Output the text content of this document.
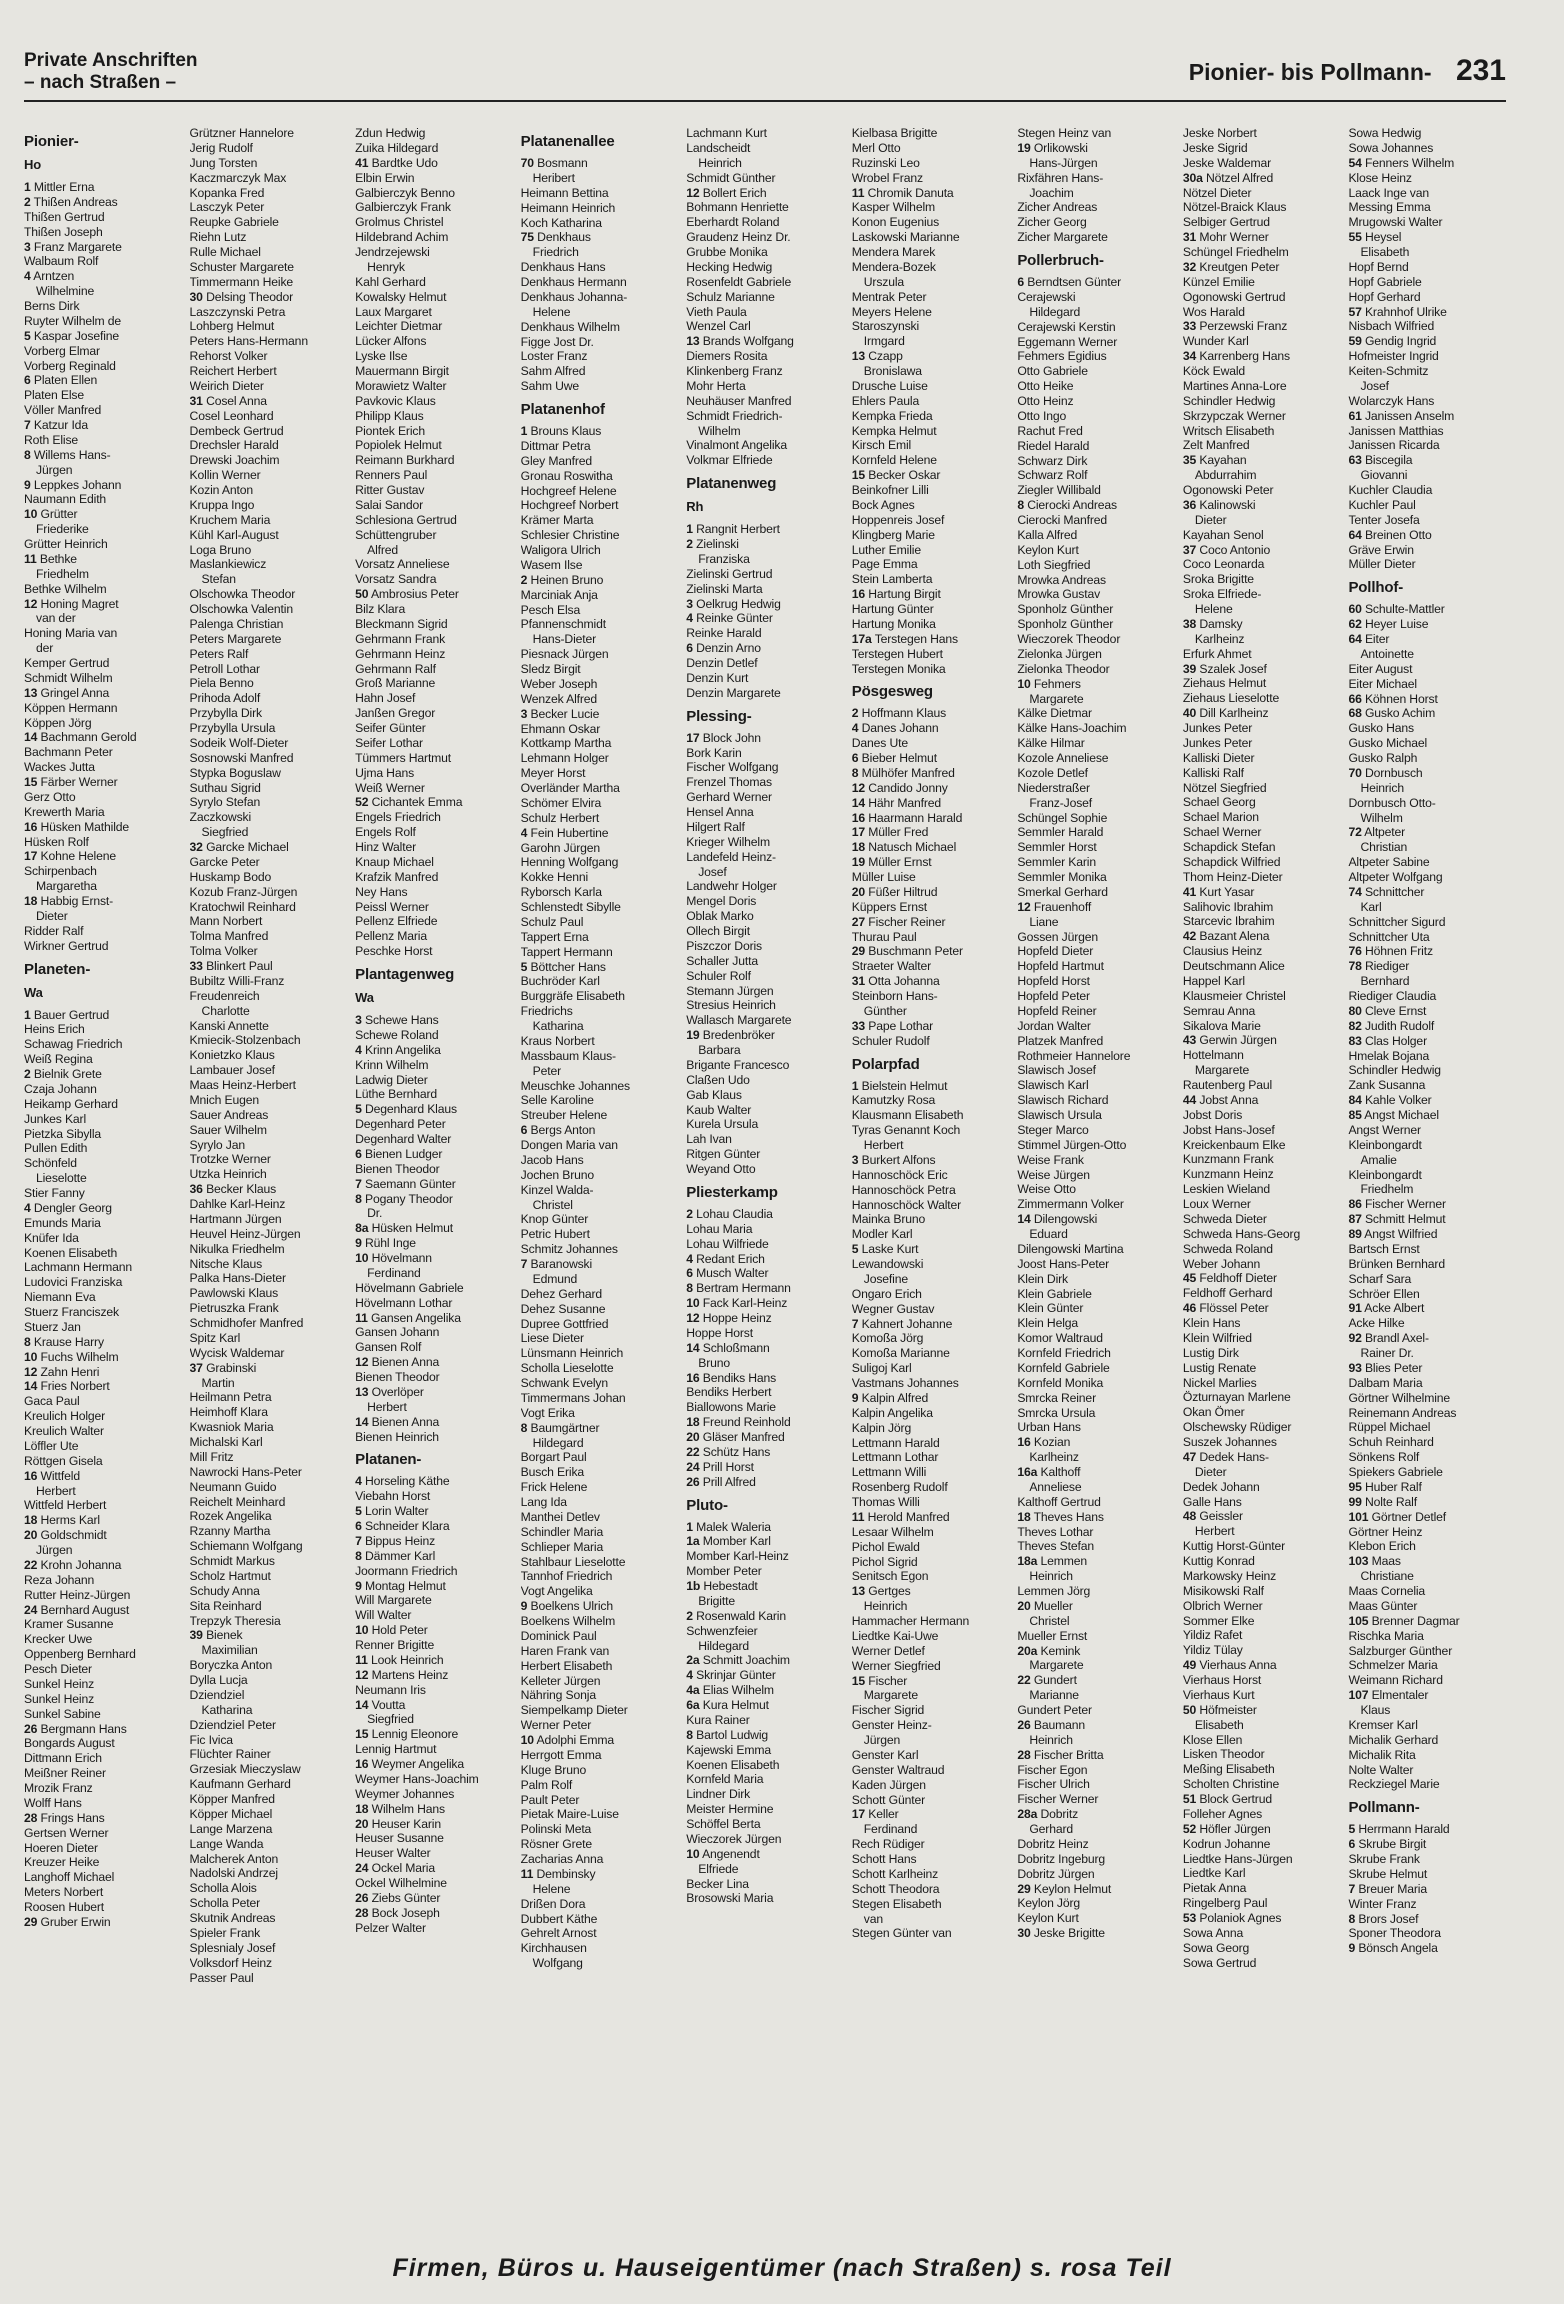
Private Anschriften
– nach Straßen –	Pionier- bis Pollmann- 231
Pionier-
Ho
1 Mittler Erna
2 Thißen Andreas
Thißen Gertrud
Thißen Joseph
3 Franz Margarete
Walbaum Rolf
4 Arntzen
Wilhelmine
Berns Dirk
Ruyter Wilhelm de
5 Kaspar Josefine
Vorberg Elmar
Vorberg Reginald
6 Platen Ellen
Platen Else
Völler Manfred
7 Katzur Ida
Roth Elise
8 Willems Hans-
Jürgen
9 Leppkes Johann
Naumann Edith
10 Grütter
Friederike
Grütter Heinrich
11 Bethke
Friedhelm
Bethke Wilhelm
12 Honing Magret
van der
Honing Maria van
der
Kemper Gertrud
Schmidt Wilhelm
13 Gringel Anna
Köppen Hermann
Köppen Jörg
14 Bachmann Gerold
Bachmann Peter
Wackes Jutta
15 Färber Werner
Gerz Otto
Krewerth Maria
16 Hüsken Mathilde
Hüsken Rolf
17 Kohne Helene
Schirpenbach
Margaretha
18 Habbig Ernst-
Dieter
Ridder Ralf
Wirkner Gertrud
Planeten-
Wa
1 Bauer Gertrud
Heins Erich
Schawag Friedrich
Weiß Regina
2 Bielnik Grete
Czaja Johann
Heikamp Gerhard
Junkes Karl
Pietzka Sibylla
Pullen Edith
Schönfeld
Lieselotte
Stier Fanny
4 Dengler Georg
Emunds Maria
Knüfer Ida
Koenen Elisabeth
Lachmann Hermann
Ludovici Franziska
Niemann Eva
Stuerz Franciszek
Stuerz Jan
8 Krause Harry
10 Fuchs Wilhelm
12 Zahn Henri
14 Fries Norbert
Gaca Paul
Kreulich Holger
Kreulich Walter
Löffler Ute
Röttgen Gisela
16 Wittfeld
Herbert
Wittfeld Herbert
18 Herms Karl
20 Goldschmidt
Jürgen
22 Krohn Johanna
Reza Johann
Rutter Heinz-Jürgen
24 Bernhard August
Kramer Susanne
Krecker Uwe
Oppenberg Bernhard
Pesch Dieter
Sunkel Heinz
Sunkel Heinz
Sunkel Sabine
26 Bergmann Hans
Bongards August
Dittmann Erich
Meißner Reiner
Mrozik Franz
Wolff Hans
28 Frings Hans
Gertsen Werner
Hoeren Dieter
Kreuzer Heike
Langhoff Michael
Meters Norbert
Roosen Hubert
29 Gruber Erwin
Grützner Hannelore
Jerig Rudolf
Jung Torsten
Kaczmarczyk Max
Kopanka Fred
Lasczyk Peter
Reupke Gabriele
Riehn Lutz
Rulle Michael
Schuster Margarete
Timmermann Heike
30 Delsing Theodor
Laszczynski Petra
Lohberg Helmut
Peters Hans-Hermann
Rehorst Volker
Reichert Herbert
Weirich Dieter
31 Cosel Anna
Cosel Leonhard
Dembeck Gertrud
Drechsler Harald
Drewski Joachim
Kollin Werner
Kozin Anton
Kruppa Ingo
Kruchem Maria
Kühl Karl-August
Loga Bruno
Maslankiewicz
Stefan
Olschowka Theodor
Olschowka Valentin
Palenga Christian
Peters Margarete
Peters Ralf
Petroll Lothar
Piela Benno
Prihoda Adolf
Przybylla Dirk
Przybylla Ursula
Sodeik Wolf-Dieter
Sosnowski Manfred
Stypka Boguslaw
Suthau Sigrid
Syrylo Stefan
Zaczkowski
Siegfried
32 Garcke Michael
Garcke Peter
Huskamp Bodo
Kozub Franz-Jürgen
Kratochwil Reinhard
Mann Norbert
Tolma Manfred
Tolma Volker
33 Blinkert Paul
Bubiltz Willi-Franz
Freudenreich
Charlotte
Kanski Annette
Kmiecik-Stolzenbach
Konietzko Klaus
Lambauer Josef
Maas Heinz-Herbert
Mnich Eugen
Sauer Andreas
Sauer Wilhelm
Syrylo Jan
Trotzke Werner
Utzka Heinrich
36 Becker Klaus
Dahlke Karl-Heinz
Hartmann Jürgen
Heuvel Heinz-Jürgen
Nikulka Friedhelm
Nitsche Klaus
Palka Hans-Dieter
Pawlowski Klaus
Pietruszka Frank
Schmidhofer Manfred
Spitz Karl
Wycisk Waldemar
37 Grabinski
Martin
Heilmann Petra
Heimhoff Klara
Kwasniok Maria
Michalski Karl
Mill Fritz
Nawrocki Hans-Peter
Neumann Guido
Reichelt Meinhard
Rozek Angelika
Rzanny Martha
Schiemann Wolfgang
Schmidt Markus
Scholz Hartmut
Schudy Anna
Sita Reinhard
Trepzyk Theresia
39 Bienek
Maximilian
Boryczka Anton
Dylla Lucja
Dziendziel
Katharina
Dziendziel Peter
Fic Ivica
Flüchter Rainer
Grzesiak Mieczyslaw
Kaufmann Gerhard
Köpper Manfred
Köpper Michael
Lange Marzena
Lange Wanda
Malcherek Anton
Nadolski Andrzej
Scholla Alois
Scholla Peter
Skutnik Andreas
Spieler Frank
Splesnialy Josef
Volksdorf Heinz
Passer Paul
Zdun Hedwig
Zuika Hildegard
41 Bardtke Udo
Elbin Erwin
Galbierczyk Benno
Galbierczyk Frank
Grolmus Christel
Hildebrand Achim
Jendrzejewski
Henryk
Kahl Gerhard
Kowalsky Helmut
Laux Margaret
Leichter Dietmar
Lücker Alfons
Lyske Ilse
Mauermann Birgit
Morawietz Walter
Pavkovic Klaus
Philipp Klaus
Piontek Erich
Popiolek Helmut
Reimann Burkhard
Renners Paul
Ritter Gustav
Salai Sandor
Schlesiona Gertrud
Schüttengruber
Alfred
Vorsatz Anneliese
Vorsatz Sandra
50 Ambrosius Peter
Bilz Klara
Bleckmann Sigrid
Gehrmann Frank
Gehrmann Heinz
Gehrmann Ralf
Groß Marianne
Hahn Josef
Janßen Gregor
Seifer Günter
Seifer Lothar
Tümmers Hartmut
Ujma Hans
Weiß Werner
52 Cichantek Emma
Engels Friedrich
Engels Rolf
Hinz Walter
Knaup Michael
Krafzik Manfred
Ney Hans
Peissl Werner
Pellenz Elfriede
Pellenz Maria
Peschke Horst
Plantagenweg
Wa
3 Schewe Hans
Schewe Roland
4 Krinn Angelika
Krinn Wilhelm
Ladwig Dieter
Lüthe Bernhard
5 Degenhard Klaus
Degenhard Peter
Degenhard Walter
6 Bienen Ludger
Bienen Theodor
7 Saemann Günter
8 Pogany Theodor
Dr.
8a Hüsken Helmut
9 Rühl Inge
10 Hövelmann
Ferdinand
Hövelmann Gabriele
Hövelmann Lothar
11 Gansen Angelika
Gansen Johann
Gansen Rolf
12 Bienen Anna
Bienen Theodor
13 Overlöper
Herbert
14 Bienen Anna
Bienen Heinrich
Platanen-
4 Horseling Käthe
Viebahn Horst
5 Lorin Walter
6 Schneider Klara
7 Bippus Heinz
8 Dämmer Karl
Joormann Friedrich
9 Montag Helmut
Will Margarete
Will Walter
10 Hold Peter
Renner Brigitte
11 Look Heinrich
12 Martens Heinz
Neumann Iris
14 Voutta
Siegfried
15 Lennig Eleonore
Lennig Hartmut
16 Weymer Angelika
Weymer Hans-Joachim
Weymer Johannes
18 Wilhelm Hans
20 Heuser Karin
Heuser Susanne
Heuser Walter
24 Ockel Maria
Ockel Wilhelmine
26 Ziebs Günter
28 Bock Joseph
Pelzer Walter
Platanenallee
70 Bosmann
Heribert
Heimann Bettina
Heimann Heinrich
Koch Katharina
75 Denkhaus
Friedrich
Denkhaus Hans
Denkhaus Hermann
Denkhaus Johanna-
Helene
Denkhaus Wilhelm
Figge Jost Dr.
Loster Franz
Sahm Alfred
Sahm Uwe
Platanenhof
1 Brouns Klaus
Dittmar Petra
Gley Manfred
Gronau Roswitha
Hochgreef Helene
Hochgreef Norbert
Krämer Marta
Schlesier Christine
Waligora Ulrich
Wasem Ilse
2 Heinen Bruno
Marciniak Anja
Pesch Elsa
Pfannenschmidt
Hans-Dieter
Piesnack Jürgen
Sledz Birgit
Weber Joseph
Wenzek Alfred
3 Becker Lucie
Ehmann Oskar
Kottkamp Martha
Lehmann Holger
Meyer Horst
Overländer Martha
Schömer Elvira
Schulz Herbert
4 Fein Hubertine
Garohn Jürgen
Henning Wolfgang
Kokke Henni
Ryborsch Karla
Schlenstedt Sibylle
Schulz Paul
Tappert Erna
Tappert Hermann
5 Böttcher Hans
Buchröder Karl
Burggräfe Elisabeth
Friedrichs
Katharina
Kraus Norbert
Massbaum Klaus-
Peter
Meuschke Johannes
Selle Karoline
Streuber Helene
6 Bergs Anton
Dongen Maria van
Jacob Hans
Jochen Bruno
Kinzel Walda-
Christel
Knop Günter
Petric Hubert
Schmitz Johannes
7 Baranowski
Edmund
Dehez Gerhard
Dehez Susanne
Dupree Gottfried
Liese Dieter
Lünsmann Heinrich
Scholla Lieselotte
Schwank Evelyn
Timmermans Johan
Vogt Erika
8 Baumgärtner
Hildegard
Borgart Paul
Busch Erika
Frick Helene
Lang Ida
Manthei Detlev
Schindler Maria
Schlieper Maria
Stahlbaur Lieselotte
Tannhof Friedrich
Vogt Angelika
9 Boelkens Ulrich
Boelkens Wilhelm
Dominick Paul
Haren Frank van
Herbert Elisabeth
Kelleter Jürgen
Nähring Sonja
Siempelkamp Dieter
Werner Peter
10 Adolphi Emma
Herrgott Emma
Kluge Bruno
Palm Rolf
Pault Peter
Pietak Maire-Luise
Polinski Meta
Rösner Grete
Zacharias Anna
11 Dembinsky
Helene
Drißen Dora
Dubbert Käthe
Gehrelt Arnost
Kirchhausen
Wolfgang
Lachmann Kurt
Landscheidt
Heinrich
Schmidt Günther
12 Bollert Erich
Bohmann Henriette
Eberhardt Roland
Graudenz Heinz Dr.
Grubbe Monika
Hecking Hedwig
Rosenfeldt Gabriele
Schulz Marianne
Vieth Paula
Wenzel Carl
13 Brands Wolfgang
Diemers Rosita
Klinkenberg Franz
Mohr Herta
Neuhäuser Manfred
Schmidt Friedrich-
Wilhelm
Vinalmont Angelika
Volkmar Elfriede
Platanenweg
Rh
1 Rangnit Herbert
2 Zielinski
Franziska
Zielinski Gertrud
Zielinski Marta
3 Oelkrug Hedwig
4 Reinke Günter
Reinke Harald
6 Denzin Arno
Denzin Detlef
Denzin Kurt
Denzin Margarete
Plessing-
17 Block John
Bork Karin
Fischer Wolfgang
Frenzel Thomas
Gerhard Werner
Hensel Anna
Hilgert Ralf
Krieger Wilhelm
Landefeld Heinz-
Josef
Landwehr Holger
Mengel Doris
Oblak Marko
Ollech Birgit
Piszczor Doris
Schaller Jutta
Schuler Rolf
Stemann Jürgen
Stresius Heinrich
Wallasch Margarete
19 Bredenbröker
Barbara
Brigante Francesco
Claßen Udo
Gab Klaus
Kaub Walter
Kurela Ursula
Lah Ivan
Ritgen Günter
Weyand Otto
Pliesterkamp
2 Lohau Claudia
Lohau Maria
Lohau Wilfriede
4 Redant Erich
6 Musch Walter
8 Bertram Hermann
10 Fack Karl-Heinz
12 Hoppe Heinz
Hoppe Horst
14 Schloßmann
Bruno
16 Bendiks Hans
Bendiks Herbert
Biallowons Marie
18 Freund Reinhold
20 Gläser Manfred
22 Schütz Hans
24 Prill Horst
26 Prill Alfred
Pluto-
1 Malek Waleria
1a Momber Karl
Momber Karl-Heinz
Momber Peter
1b Hebestadt
Brigitte
2 Rosenwald Karin
Schwenzfeier
Hildegard
2a Schmitt Joachim
4 Skrinjar Günter
4a Elias Wilhelm
6a Kura Helmut
Kura Rainer
8 Bartol Ludwig
Kajewski Emma
Koenen Elisabeth
Kornfeld Maria
Lindner Dirk
Meister Hermine
Schöffel Berta
Wieczorek Jürgen
10 Angenendt
Elfriede
Becker Lina
Brosowski Maria
Kielbasa Brigitte
Merl Otto
Ruzinski Leo
Wrobel Franz
11 Chromik Danuta
Kasper Wilhelm
Konon Eugenius
Laskowski Marianne
Mendera Marek
Mendera-Bozek
Urszula
Mentrak Peter
Meyers Helene
Staroszynski
Irmgard
13 Czapp
Bronislawa
Drusche Luise
Ehlers Paula
Kempka Frieda
Kempka Helmut
Kirsch Emil
Kornfeld Helene
15 Becker Oskar
Beinkofner Lilli
Bock Agnes
Hoppenreis Josef
Klingberg Marie
Luther Emilie
Page Emma
Stein Lamberta
16 Hartung Birgit
Hartung Günter
Hartung Monika
17a Terstegen Hans
Terstegen Hubert
Terstegen Monika
Pösgesweg
2 Hoffmann Klaus
4 Danes Johann
Danes Ute
6 Bieber Helmut
8 Mülhöfer Manfred
12 Candido Jonny
14 Hähr Manfred
16 Haarmann Harald
17 Müller Fred
18 Natusch Michael
19 Müller Ernst
Müller Luise
20 Füßer Hiltrud
Küppers Ernst
27 Fischer Reiner
Thurau Paul
29 Buschmann Peter
Straeter Walter
31 Otta Johanna
Steinborn Hans-
Günther
33 Pape Lothar
Schuler Rudolf
Polarpfad
1 Bielstein Helmut
Kamutzky Rosa
Klausmann Elisabeth
Tyras Genannt Koch
Herbert
3 Burkert Alfons
Hannoschöck Eric
Hannoschöck Petra
Hannoschöck Walter
Mainka Bruno
Modler Karl
5 Laske Kurt
Lewandowski
Josefine
Ongaro Erich
Wegner Gustav
7 Kahnert Johanne
Komoßa Jörg
Komoßa Marianne
Suligoj Karl
Vastmans Johannes
9 Kalpin Alfred
Kalpin Angelika
Kalpin Jörg
Lettmann Harald
Lettmann Lothar
Lettmann Willi
Rosenberg Rudolf
Thomas Willi
11 Herold Manfred
Lesaar Wilhelm
Pichol Ewald
Pichol Sigrid
Senitsch Egon
13 Gertges
Heinrich
Hammacher Hermann
Liedtke Kai-Uwe
Werner Detlef
Werner Siegfried
15 Fischer
Margarete
Fischer Sigrid
Genster Heinz-
Jürgen
Genster Karl
Genster Waltraud
Kaden Jürgen
Schott Günter
17 Keller
Ferdinand
Rech Rüdiger
Schott Hans
Schott Karlheinz
Schott Theodora
Stegen Elisabeth
van
Stegen Günter van
Stegen Heinz van
19 Orlikowski
Hans-Jürgen
Rixfähren Hans-
Joachim
Zicher Andreas
Zicher Georg
Zicher Margarete
Pollerbruch-
6 Berndtsen Günter
Cerajewski
Hildegard
Cerajewski Kerstin
Eggemann Werner
Fehmers Egidius
Otto Gabriele
Otto Heike
Otto Heinz
Otto Ingo
Rachut Fred
Riedel Harald
Schwarz Dirk
Schwarz Rolf
Ziegler Willibald
8 Cierocki Andreas
Cierocki Manfred
Kalla Alfred
Keylon Kurt
Loth Siegfried
Mrowka Andreas
Mrowka Gustav
Sponholz Günther
Sponholz Günther
Wieczorek Theodor
Zielonka Jürgen
Zielonka Theodor
10 Fehmers
Margarete
Kälke Dietmar
Kälke Hans-Joachim
Kälke Hilmar
Kozole Anneliese
Kozole Detlef
Niederstraßer
Franz-Josef
Schüngel Sophie
Semmler Harald
Semmler Horst
Semmler Karin
Semmler Monika
Smerkal Gerhard
12 Frauenhoff
Liane
Gossen Jürgen
Hopfeld Dieter
Hopfeld Hartmut
Hopfeld Horst
Hopfeld Peter
Hopfeld Reiner
Jordan Walter
Platzek Manfred
Rothmeier Hannelore
Slawisch Josef
Slawisch Karl
Slawisch Richard
Slawisch Ursula
Steger Marco
Stimmel Jürgen-Otto
Weise Frank
Weise Jürgen
Weise Otto
Zimmermann Volker
14 Dilengowski
Eduard
Dilengowski Martina
Joost Hans-Peter
Klein Dirk
Klein Gabriele
Klein Günter
Klein Helga
Komor Waltraud
Kornfeld Friedrich
Kornfeld Gabriele
Kornfeld Monika
Smrcka Reiner
Smrcka Ursula
Urban Hans
16 Kozian
Karlheinz
16a Kalthoff
Anneliese
Kalthoff Gertrud
18 Theves Hans
Theves Lothar
Theves Stefan
18a Lemmen
Heinrich
Lemmen Jörg
20 Mueller
Christel
Mueller Ernst
20a Kemink
Margarete
22 Gundert
Marianne
Gundert Peter
26 Baumann
Heinrich
28 Fischer Britta
Fischer Egon
Fischer Ulrich
Fischer Werner
28a Dobritz
Gerhard
Dobritz Heinz
Dobritz Ingeburg
Dobritz Jürgen
29 Keylon Helmut
Keylon Jörg
Keylon Kurt
30 Jeske Brigitte
Jeske Norbert
Jeske Sigrid
Jeske Waldemar
30a Nötzel Alfred
Nötzel Dieter
Nötzel-Braick Klaus
Selbiger Gertrud
31 Mohr Werner
Schüngel Friedhelm
32 Kreutgen Peter
Künzel Emilie
Ogonowski Gertrud
Wos Harald
33 Perzewski Franz
Wunder Karl
34 Karrenberg Hans
Köck Ewald
Martines Anna-Lore
Schindler Hedwig
Skrzypczak Werner
Writsch Elisabeth
Zelt Manfred
35 Kayahan
Abdurrahim
Ogonowski Peter
36 Kalinowski
Dieter
Kayahan Senol
37 Coco Antonio
Coco Leonarda
Sroka Brigitte
Sroka Elfriede-
Helene
38 Damsky
Karlheinz
Erfurk Ahmet
39 Szalek Josef
Ziehaus Helmut
Ziehaus Lieselotte
40 Dill Karlheinz
Junkes Peter
Junkes Peter
Kalliski Dieter
Kalliski Ralf
Nötzel Siegfried
Schael Georg
Schael Marion
Schael Werner
Schapdick Stefan
Schapdick Wilfried
Thom Heinz-Dieter
41 Kurt Yasar
Salihovic Ibrahim
Starcevic Ibrahim
42 Bazant Alena
Clausius Heinz
Deutschmann Alice
Happel Karl
Klausmeier Christel
Semrau Anna
Sikalova Marie
43 Gerwin Jürgen
Hottelmann
Margarete
Rautenberg Paul
44 Jobst Anna
Jobst Doris
Jobst Hans-Josef
Kreickenbaum Elke
Kunzmann Frank
Kunzmann Heinz
Leskien Wieland
Loux Werner
Schweda Dieter
Schweda Hans-Georg
Schweda Roland
Weber Johann
45 Feldhoff Dieter
Feldhoff Gerhard
46 Flössel Peter
Klein Hans
Klein Wilfried
Lustig Dirk
Lustig Renate
Nickel Marlies
Özturnayan Marlene
Okan Ömer
Olschewsky Rüdiger
Suszek Johannes
47 Dedek Hans-
Dieter
Dedek Johann
Galle Hans
48 Geissler
Herbert
Kuttig Horst-Günter
Kuttig Konrad
Markowsky Heinz
Misikowski Ralf
Olbrich Werner
Sommer Elke
Yildiz Rafet
Yildiz Tülay
49 Vierhaus Anna
Vierhaus Horst
Vierhaus Kurt
50 Höfmeister
Elisabeth
Klose Ellen
Lisken Theodor
Meßing Elisabeth
Scholten Christine
51 Block Gertrud
Folleher Agnes
52 Höfler Jürgen
Kodrun Johanne
Liedtke Hans-Jürgen
Liedtke Karl
Pietak Anna
Ringelberg Paul
53 Polaniok Agnes
Sowa Anna
Sowa Georg
Sowa Gertrud
Sowa Hedwig
Sowa Johannes
54 Fenners Wilhelm
Klose Heinz
Laack Inge van
Messing Emma
Mrugowski Walter
55 Heysel
Elisabeth
Hopf Bernd
Hopf Gabriele
Hopf Gerhard
57 Krahnhof Ulrike
Nisbach Wilfried
59 Gendig Ingrid
Hofmeister Ingrid
Keiten-Schmitz
Josef
Wolarczyk Hans
61 Janissen Anselm
Janissen Matthias
Janissen Ricarda
63 Biscegila
Giovanni
Kuchler Claudia
Kuchler Paul
Tenter Josefa
64 Breinen Otto
Gräve Erwin
Müller Dieter
Pollhof-
60 Schulte-Mattler
62 Heyer Luise
64 Eiter
Antoinette
Eiter August
Eiter Michael
66 Köhnen Horst
68 Gusko Achim
Gusko Hans
Gusko Michael
Gusko Ralph
70 Dornbusch
Heinrich
Dornbusch Otto-
Wilhelm
72 Altpeter
Christian
Altpeter Sabine
Altpeter Wolfgang
74 Schnittcher
Karl
Schnittcher Sigurd
Schnittcher Uta
76 Höhnen Fritz
78 Riediger
Bernhard
Riediger Claudia
80 Cleve Ernst
82 Judith Rudolf
83 Clas Holger
Hmelak Bojana
Schindler Hedwig
Zank Susanna
84 Kahle Volker
85 Angst Michael
Angst Werner
Kleinbongardt
Amalie
Kleinbongardt
Friedhelm
86 Fischer Werner
87 Schmitt Helmut
89 Angst Wilfried
Bartsch Ernst
Brünken Bernhard
Scharf Sara
Schröer Ellen
91 Acke Albert
Acke Hilke
92 Brandl Axel-
Rainer Dr.
93 Blies Peter
Dalbam Maria
Görtner Wilhelmine
Reinemann Andreas
Rüppel Michael
Schuh Reinhard
Sönkens Rolf
Spiekers Gabriele
95 Huber Ralf
99 Nolte Ralf
101 Görtner Detlef
Görtner Heinz
Klebon Erich
103 Maas
Christiane
Maas Cornelia
Maas Günter
105 Brenner Dagmar
Rischka Maria
Salzburger Günther
Schmelzer Maria
Weimann Richard
107 Elmentaler
Klaus
Kremser Karl
Michalik Gerhard
Michalik Rita
Nolte Walter
Reckziegel Marie
Pollmann-
5 Herrmann Harald
6 Skrube Birgit
Skrube Frank
Skrube Helmut
7 Breuer Maria
Winter Franz
8 Brors Josef
Sponer Theodora
9 Bönsch Angela
Firmen, Büros u. Hauseigentümer (nach Straßen) s. rosa Teil
